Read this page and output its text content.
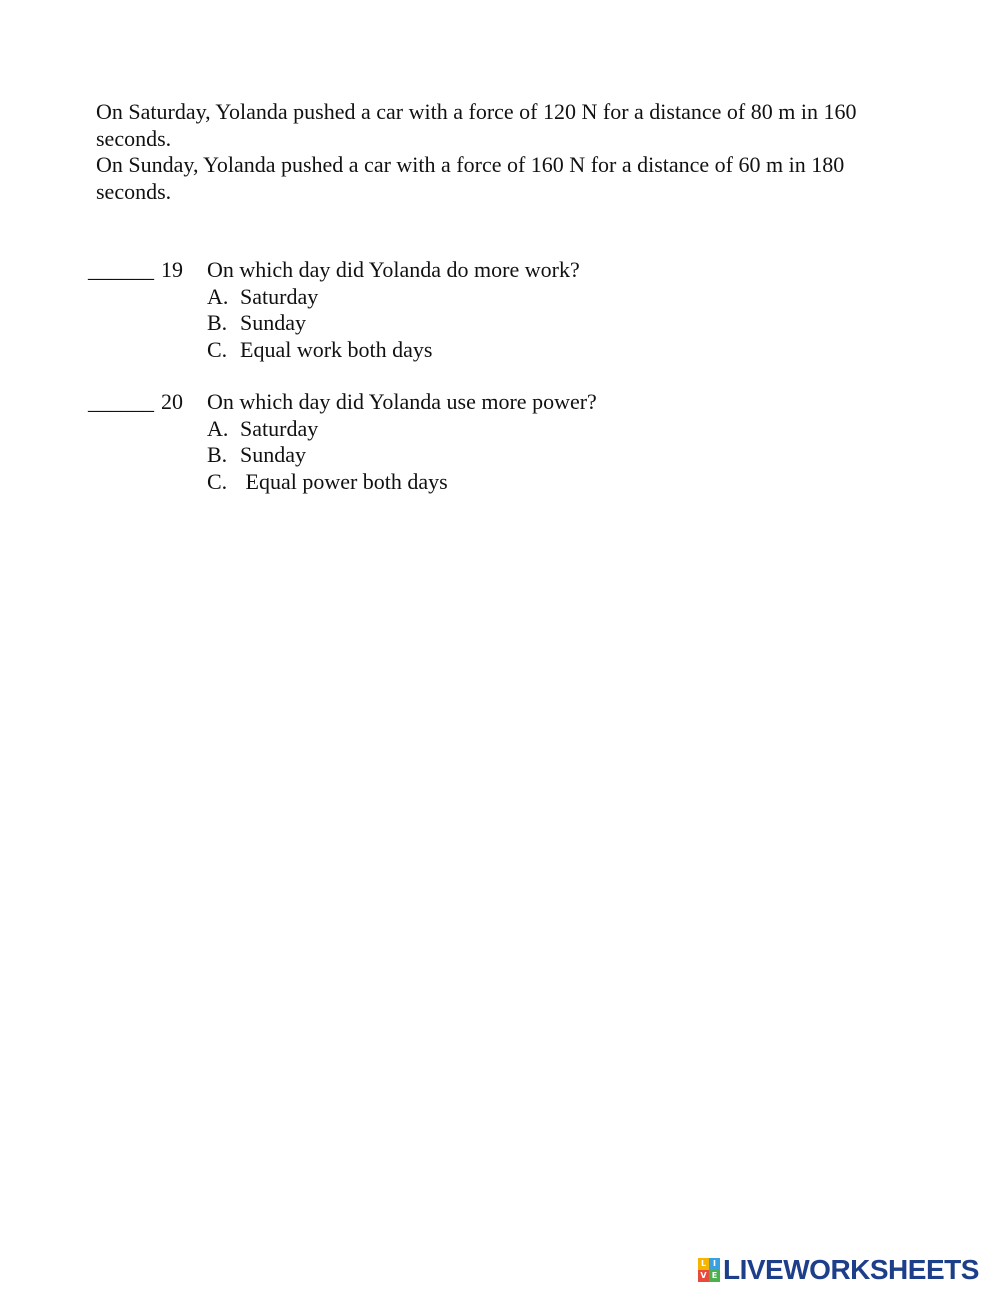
On Saturday, Yolanda pushed a car with a force of 120 N for a distance of 80 m in 160 seconds.

On Sunday, Yolanda pushed a car with a force of 160 N for a distance of 60 m in 180 seconds.

______ 19 On which day did Yolanda do more work?

A.

Saturday

B.

Sunday

C.

Equal work both days

______ 20 On which day did Yolanda use more power?

A.

Saturday

B.

Sunday

C.

Equal power both days

L I
V E LIVEWORKSHEETS
